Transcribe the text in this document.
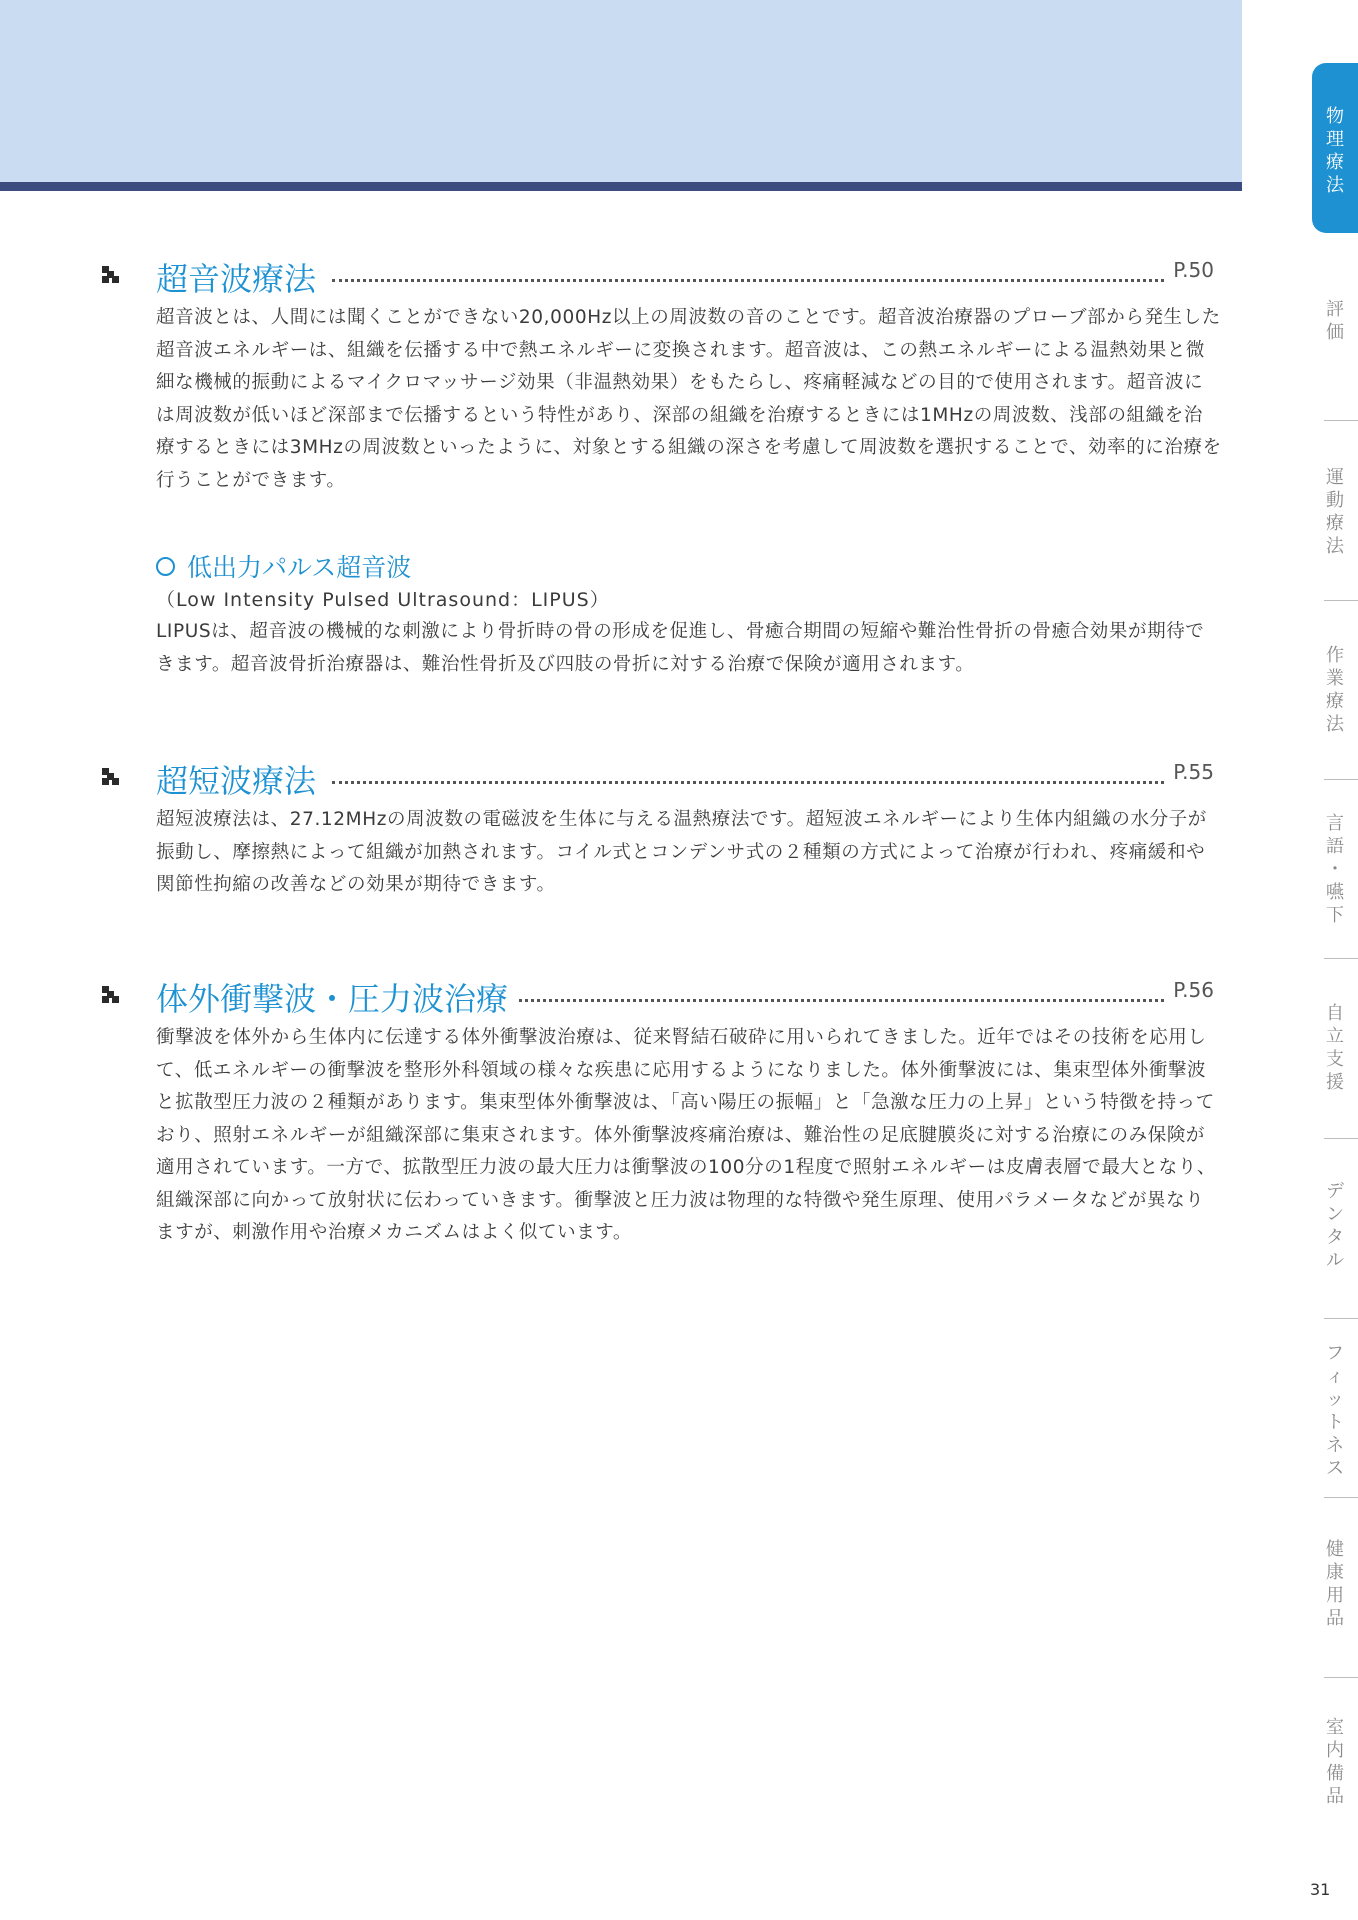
超音波療法	P.50

超音波とは、人間には聞くことができない20,000Hz以上の周波数の音のことです。超音波治療器のプローブ部から発生した超音波エネルギーは、組織を伝播する中で熱エネルギーに変換されます。超音波は、この熱エネルギーによる温熱効果と微細な機械的振動によるマイクロマッサージ効果（非温熱効果）をもたらし、疼痛軽減などの目的で使用されます。超音波には周波数が低いほど深部まで伝播するという特性があり、深部の組織を治療するときには1MHzの周波数、浅部の組織を治療するときには3MHzの周波数といったように、対象とする組織の深さを考慮して周波数を選択することで、効率的に治療を行うことができます。

低出力パルス超音波
（Low Intensity Pulsed Ultrasound：LIPUS）

LIPUSは、超音波の機械的な刺激により骨折時の骨の形成を促進し、骨癒合期間の短縮や難治性骨折の骨癒合効果が期待できます。超音波骨折治療器は、難治性骨折及び四肢の骨折に対する治療で保険が適用されます。

超短波療法	P.55

超短波療法は、27.12MHzの周波数の電磁波を生体に与える温熱療法です。超短波エネルギーにより生体内組織の水分子が振動し、摩擦熱によって組織が加熱されます。コイル式とコンデンサ式の２種類の方式によって治療が行われ、疼痛緩和や関節性拘縮の改善などの効果が期待できます。

体外衝撃波・圧力波治療	P.56

衝撃波を体外から生体内に伝達する体外衝撃波治療は、従来腎結石破砕に用いられてきました。近年ではその技術を応用して、低エネルギーの衝撃波を整形外科領域の様々な疾患に応用するようになりました。体外衝撃波には、集束型体外衝撃波と拡散型圧力波の２種類があります。集束型体外衝撃波は、「高い陽圧の振幅」と「急激な圧力の上昇」という特徴を持っており、照射エネルギーが組織深部に集束されます。体外衝撃波疼痛治療は、難治性の足底腱膜炎に対する治療にのみ保険が適用されています。一方で、拡散型圧力波の最大圧力は衝撃波の100分の1程度で照射エネルギーは皮膚表層で最大となり、組織深部に向かって放射状に伝わっていきます。衝撃波と圧力波は物理的な特徴や発生原理、使用パラメータなどが異なりますが、刺激作用や治療メカニズムはよく似ています。

物
理
療
法
評
価
運
動
療
法
作
業
療
法
言
語
・
嚥
下
自
立
支
援
デ
ン
タ
ル
フ
ィ
ッ
ト
ネ
ス
健
康
用
品
室
内
備
品
31
